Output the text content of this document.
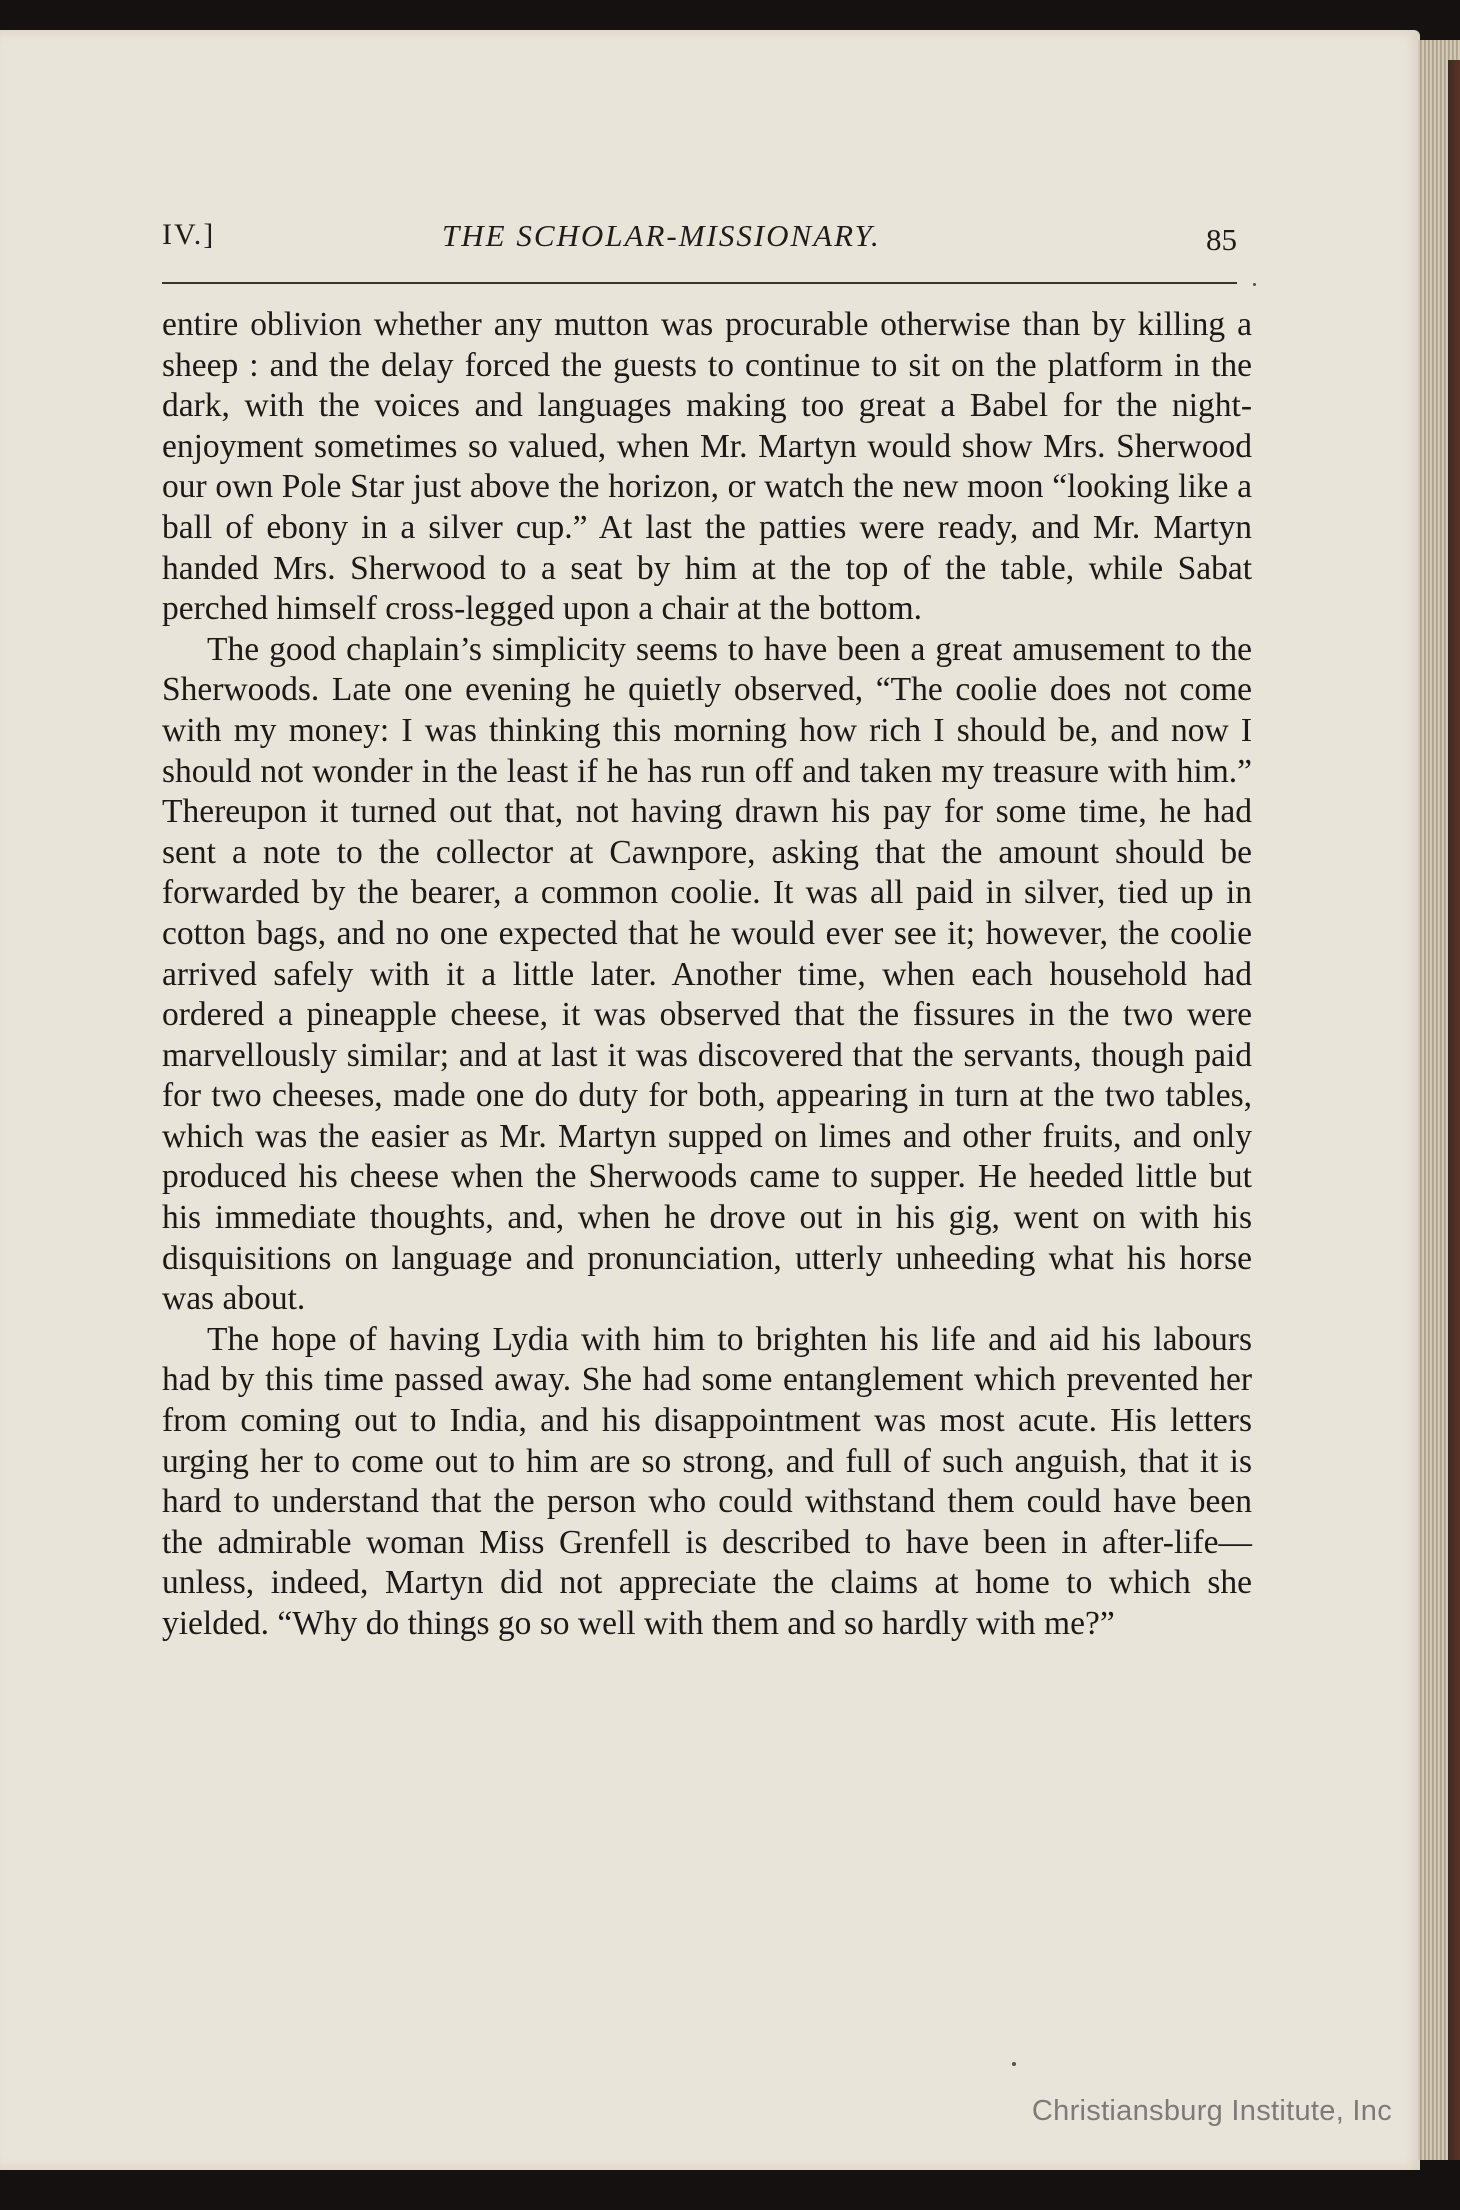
IV.]	THE SCHOLAR-MISSIONARY.	85

entire oblivion whether any mutton was procurable otherwise than by killing a sheep : and the delay forced the guests to continue to sit on the platform in the dark, with the voices and languages making too great a Babel for the night-enjoyment sometimes so valued, when Mr. Martyn would show Mrs. Sherwood our own Pole Star just above the horizon, or watch the new moon “looking like a ball of ebony in a silver cup.” At last the patties were ready, and Mr. Martyn handed Mrs. Sherwood to a seat by him at the top of the table, while Sabat perched himself cross-legged upon a chair at the bottom.

The good chaplain’s simplicity seems to have been a great amusement to the Sherwoods. Late one evening he quietly observed, “The coolie does not come with my money: I was thinking this morning how rich I should be, and now I should not wonder in the least if he has run off and taken my treasure with him.” Thereupon it turned out that, not having drawn his pay for some time, he had sent a note to the collector at Cawnpore, asking that the amount should be forwarded by the bearer, a common coolie. It was all paid in silver, tied up in cotton bags, and no one expected that he would ever see it; however, the coolie arrived safely with it a little later. Another time, when each household had ordered a pineapple cheese, it was observed that the fissures in the two were marvellously similar; and at last it was discovered that the servants, though paid for two cheeses, made one do duty for both, appearing in turn at the two tables, which was the easier as Mr. Martyn supped on limes and other fruits, and only produced his cheese when the Sherwoods came to supper. He heeded little but his immediate thoughts, and, when he drove out in his gig, went on with his disquisitions on language and pronunciation, utterly unheeding what his horse was about.

The hope of having Lydia with him to brighten his life and aid his labours had by this time passed away. She had some entanglement which prevented her from coming out to India, and his disappointment was most acute. His letters urging her to come out to him are so strong, and full of such anguish, that it is hard to understand that the person who could withstand them could have been the admirable woman Miss Grenfell is described to have been in after-life—unless, indeed, Martyn did not appreciate the claims at home to which she yielded. “Why do things go so well with them and so hardly with me?”

Christiansburg Institute, Inc
